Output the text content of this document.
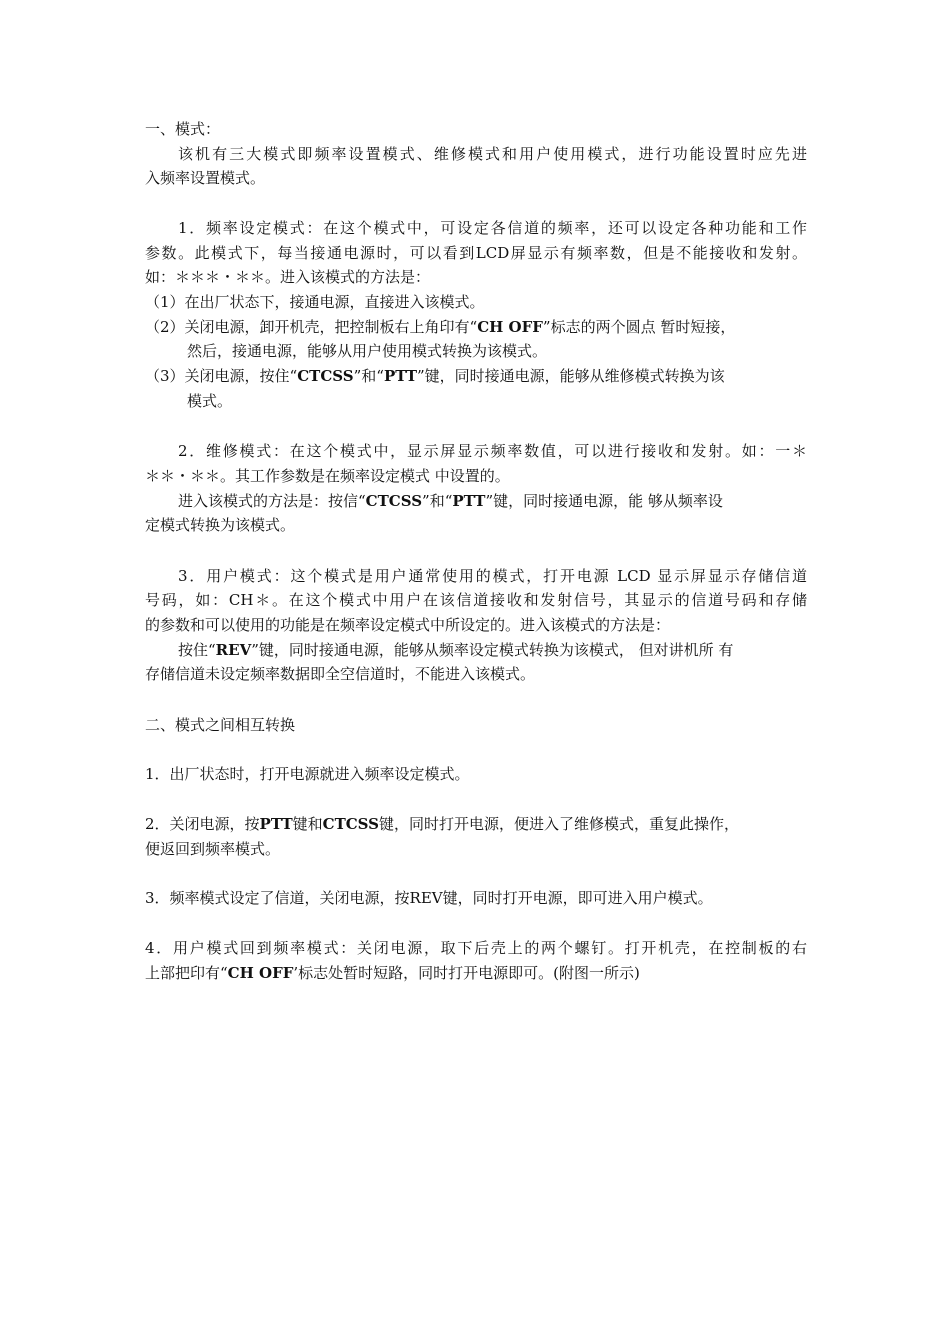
一、模式：
该机有三大模式即频率设置模式、维修模式和用户使用模式，进行功能设置时应先进
入频率设置模式。
1．频率设定模式：在这个模式中，可设定各信道的频率，还可以设定各种功能和工作
参数。此模式下，每当接通电源时，可以看到LCD屏显示有频率数，但是不能接收和发射。
如：＊＊＊・＊＊。进入该模式的方法是：
（1）在出厂状态下，接通电源，直接进入该模式。
（2）关闭电源，卸开机壳，把控制板右上角印有“CH OFF”标志的两个圆点 暂时短接，
然后，接通电源，能够从用户使用模式转换为该模式。
（3）关闭电源，按住“CTCSS”和“PTT”键，同时接通电源，能够从维修模式转换为该
模式。
2．维修模式：在这个模式中，显示屏显示频率数值，可以进行接收和发射。如：一＊
＊＊・＊＊。其工作参数是在频率设定模式 中设置的。
进入该模式的方法是：按信“CTCSS”和“PTT”键，同时接通电源，能 够从频率设
定模式转换为该模式。
3．用户模式：这个模式是用户通常使用的模式，打开电源 LCD 显示屏显示存储信道
号码，如：CH＊。在这个模式中用户在该信道接收和发射信号，其显示的信道号码和存储
的参数和可以使用的功能是在频率设定模式中所设定的。进入该模式的方法是：
按住“REV”键，同时接通电源，能够从频率设定模式转换为该模式， 但对讲机所 有
存储信道未设定频率数据即全空信道时，不能进入该模式。
二、模式之间相互转换
1．出厂状态时，打开电源就进入频率设定模式。
2．关闭电源，按PTT键和CTCSS键，同时打开电源，便进入了维修模式，重复此操作，
便返回到频率模式。
3．频率模式设定了信道，关闭电源，按REV键，同时打开电源，即可进入用户模式。
4．用户模式回到频率模式：关闭电源，取下后壳上的两个螺钉。打开机壳，在控制板的右
上部把印有“CH OFF’标志处暂时短路，同时打开电源即可。(附图一所示)
